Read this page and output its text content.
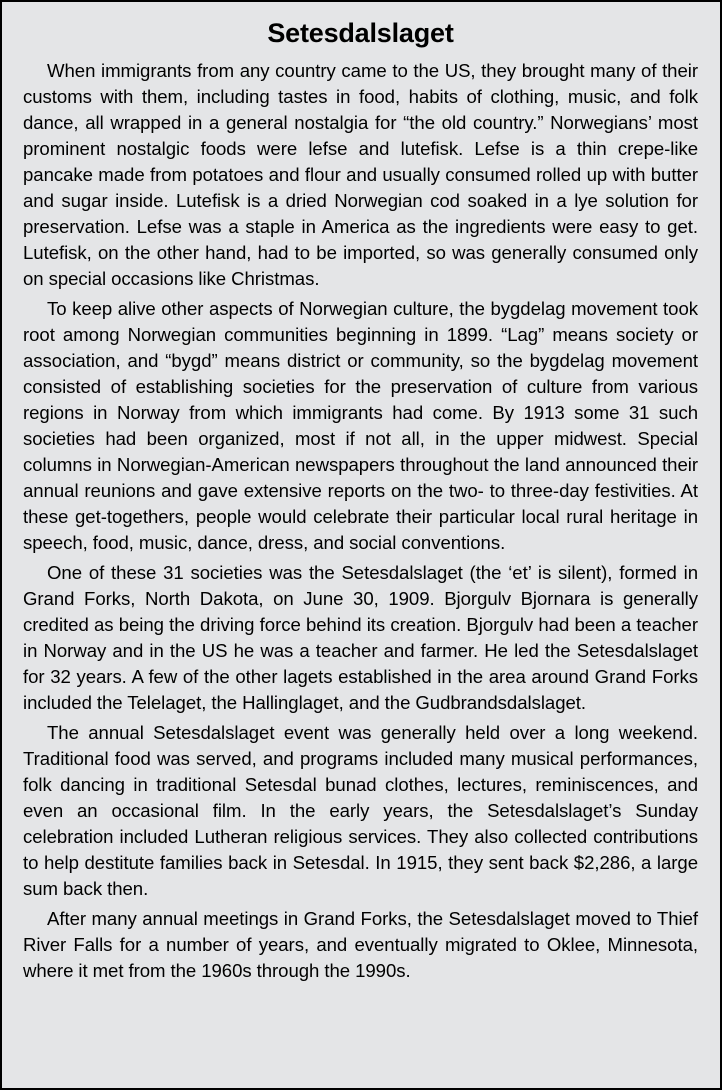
Setesdalslaget

When immigrants from any country came to the US, they brought many of their customs with them, including tastes in food, habits of clothing, music, and folk dance, all wrapped in a general nostalgia for “the old country.” Norwegians’ most prominent nostalgic foods were lefse and lutefisk. Lefse is a thin crepe-like pancake made from potatoes and flour and usually consumed rolled up with butter and sugar inside. Lutefisk is a dried Norwegian cod soaked in a lye solution for preservation. Lefse was a staple in America as the ingredients were easy to get. Lutefisk, on the other hand, had to be imported, so was generally consumed only on special occasions like Christmas.

To keep alive other aspects of Norwegian culture, the bygdelag movement took root among Norwegian communities beginning in 1899. “Lag” means society or association, and “bygd” means district or community, so the bygdelag movement consisted of establishing societies for the preservation of culture from various regions in Norway from which immigrants had come. By 1913 some 31 such societies had been organized, most if not all, in the upper midwest. Special columns in Norwegian-American newspapers throughout the land announced their annual reunions and gave extensive reports on the two- to three-day festivities. At these get-togethers, people would celebrate their particular local rural heritage in speech, food, music, dance, dress, and social conventions.

One of these 31 societies was the Setesdalslaget (the ‘et’ is silent), formed in Grand Forks, North Dakota, on June 30, 1909. Bjorgulv Bjornara is generally credited as being the driving force behind its creation. Bjorgulv had been a teacher in Norway and in the US he was a teacher and farmer. He led the Setesdalslaget for 32 years. A few of the other lagets established in the area around Grand Forks included the Telelaget, the Hallinglaget, and the Gudbrandsdalslaget.

The annual Setesdalslaget event was generally held over a long weekend. Traditional food was served, and programs included many musical performances, folk dancing in traditional Setesdal bunad clothes, lectures, reminiscences, and even an occasional film. In the early years, the Setesdalslaget’s Sunday celebration included Lutheran religious services. They also collected contributions to help destitute families back in Setesdal. In 1915, they sent back $2,286, a large sum back then.

After many annual meetings in Grand Forks, the Setesdalslaget moved to Thief River Falls for a number of years, and eventually migrated to Oklee, Minnesota, where it met from the 1960s through the 1990s.
